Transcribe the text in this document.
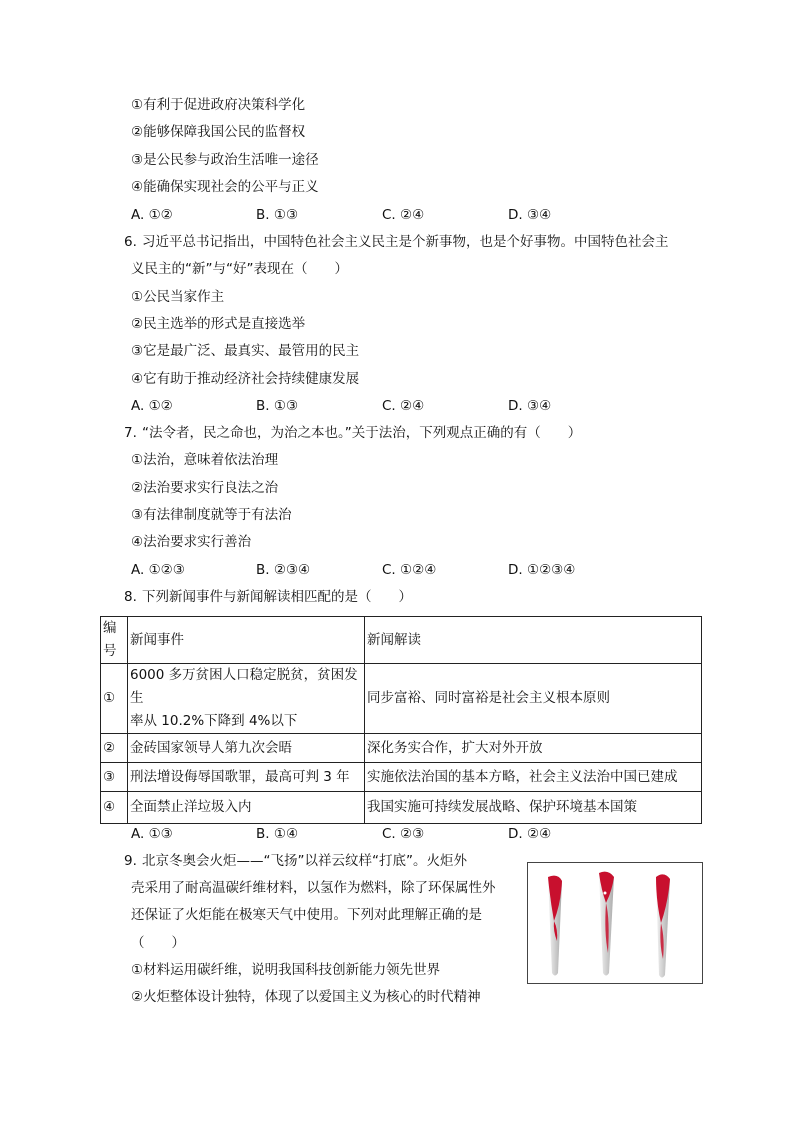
①有利于促进政府决策科学化
②能够保障我国公民的监督权
③是公民参与政治生活唯一途径
④能确保实现社会的公平与正义
A. ①②	B. ①③	C. ②④	D. ③④
6. 习近平总书记指出，中国特色社会主义民主是个新事物，也是个好事物。中国特色社会主
义民主的“新”与“好”表现在（　　）
①公民当家作主
②民主选举的形式是直接选举
③它是最广泛、最真实、最管用的民主
④它有助于推动经济社会持续健康发展
A. ①②	B. ①③	C. ②④	D. ③④
7. “法令者，民之命也，为治之本也。”关于法治，下列观点正确的有（　　）
①法治，意味着依法治理
②法治要求实行良法之治
③有法律制度就等于有法治
④法治要求实行善治
A. ①②③	B. ②③④	C. ①②④	D. ①②③④
8. 下列新闻事件与新闻解读相匹配的是（　　）
编号	新闻事件	新闻解读
①	6000 多万贫困人口稳定脱贫，贫困发生
率从 10.2%下降到 4%以下	同步富裕、同时富裕是社会主义根本原则
②	金砖国家领导人第九次会晤	深化务实合作，扩大对外开放
③	刑法增设侮辱国歌罪，最高可判 3 年	实施依法治国的基本方略，社会主义法治中国已建成
④	全面禁止洋垃圾入内	我国实施可持续发展战略、保护环境基本国策
A. ①③	B. ①④	C. ②③	D. ②④
9. 北京冬奥会火炬——“飞扬”以祥云纹样“打底”。火炬外
壳采用了耐高温碳纤维材料，以氢作为燃料，除了环保属性外
还保证了火炬能在极寒天气中使用。下列对此理解正确的是
（　　）
①材料运用碳纤维，说明我国科技创新能力领先世界
②火炬整体设计独特，体现了以爱国主义为核心的时代精神
